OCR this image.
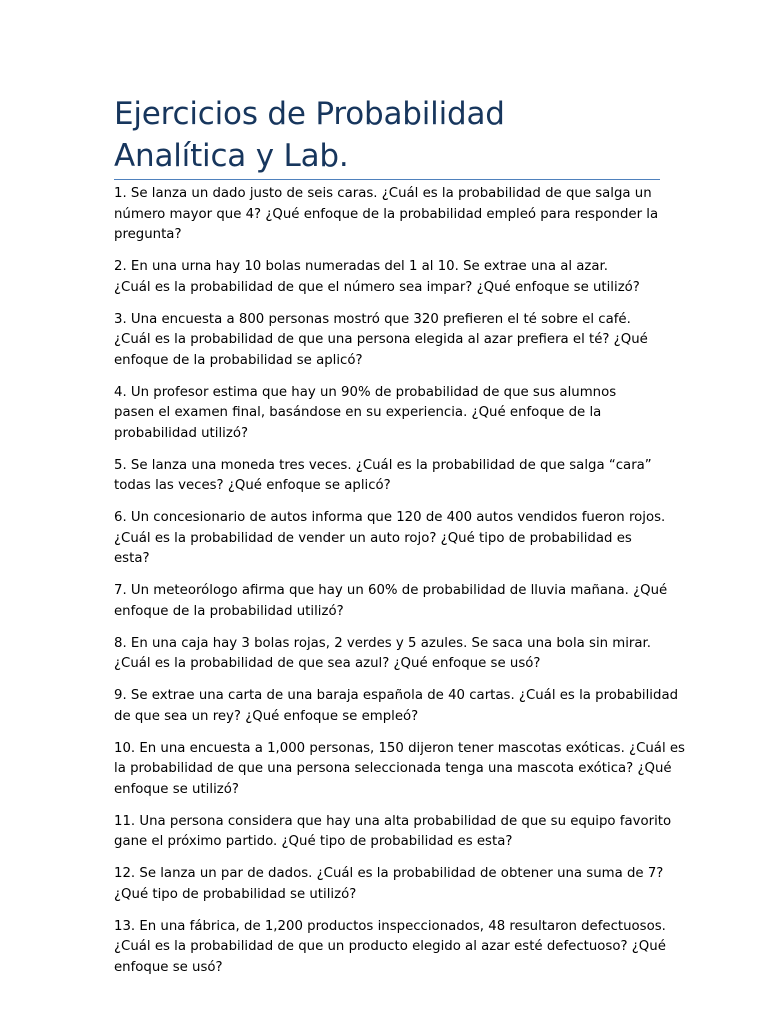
Ejercicios de Probabilidad
Analítica y Lab.
1. Se lanza un dado justo de seis caras. ¿Cuál es la probabilidad de que salga un
número mayor que 4? ¿Qué enfoque de la probabilidad empleó para responder la
pregunta?
2. En una urna hay 10 bolas numeradas del 1 al 10. Se extrae una al azar.
¿Cuál es la probabilidad de que el número sea impar? ¿Qué enfoque se utilizó?
3. Una encuesta a 800 personas mostró que 320 prefieren el té sobre el café.
¿Cuál es la probabilidad de que una persona elegida al azar prefiera el té? ¿Qué
enfoque de la probabilidad se aplicó?
4. Un profesor estima que hay un 90% de probabilidad de que sus alumnos
pasen el examen final, basándose en su experiencia. ¿Qué enfoque de la
probabilidad utilizó?
5. Se lanza una moneda tres veces. ¿Cuál es la probabilidad de que salga “cara”
todas las veces? ¿Qué enfoque se aplicó?
6. Un concesionario de autos informa que 120 de 400 autos vendidos fueron rojos.
¿Cuál es la probabilidad de vender un auto rojo? ¿Qué tipo de probabilidad es
esta?
7. Un meteorólogo afirma que hay un 60% de probabilidad de lluvia mañana. ¿Qué
enfoque de la probabilidad utilizó?
8. En una caja hay 3 bolas rojas, 2 verdes y 5 azules. Se saca una bola sin mirar.
¿Cuál es la probabilidad de que sea azul? ¿Qué enfoque se usó?
9. Se extrae una carta de una baraja española de 40 cartas. ¿Cuál es la probabilidad
de que sea un rey? ¿Qué enfoque se empleó?
10. En una encuesta a 1,000 personas, 150 dijeron tener mascotas exóticas. ¿Cuál es
la probabilidad de que una persona seleccionada tenga una mascota exótica? ¿Qué
enfoque se utilizó?
11. Una persona considera que hay una alta probabilidad de que su equipo favorito
gane el próximo partido. ¿Qué tipo de probabilidad es esta?
12. Se lanza un par de dados. ¿Cuál es la probabilidad de obtener una suma de 7?
¿Qué tipo de probabilidad se utilizó?
13. En una fábrica, de 1,200 productos inspeccionados, 48 resultaron defectuosos.
¿Cuál es la probabilidad de que un producto elegido al azar esté defectuoso? ¿Qué
enfoque se usó?
